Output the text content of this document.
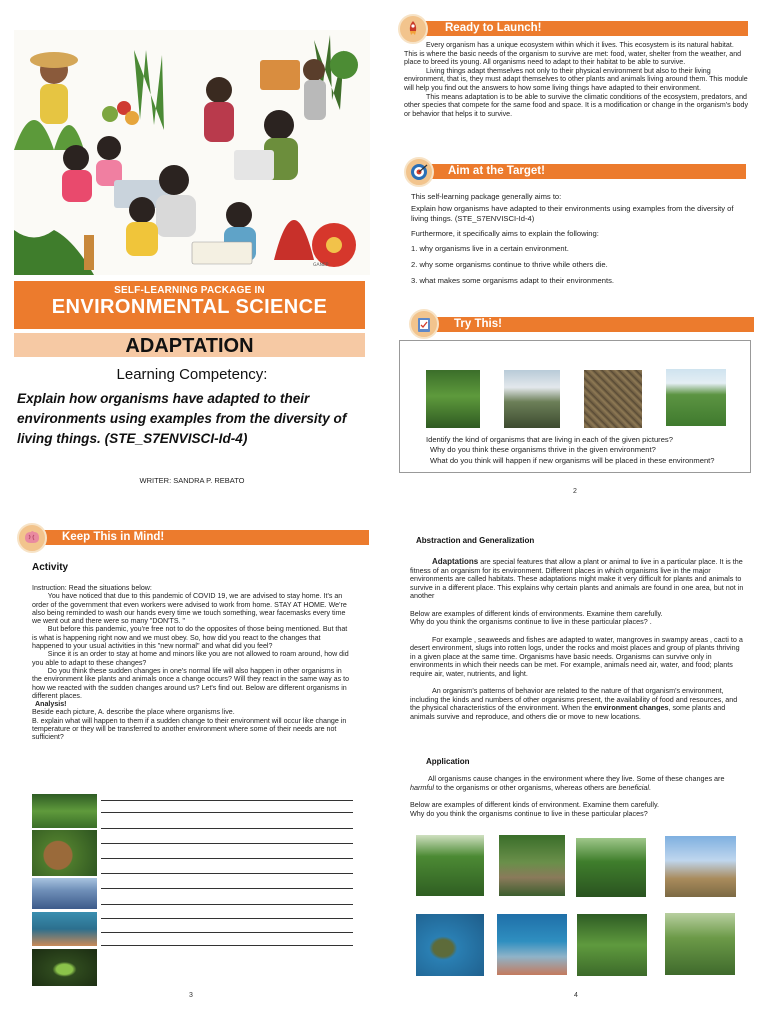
GANEP
SELF-LEARNING PACKAGE IN
ENVIRONMENTAL SCIENCE
ADAPTATION
Learning Competency:
Explain how organisms have adapted to their environments using examples from the diversity of living things. (STE_S7ENVISCI-Id-4)
WRITER: SANDRA P. REBATO
Ready to Launch!

Every organism has a unique ecosystem within which it lives. This ecosystem is its natural habitat. This is where the basic needs of the organism to survive are met: food, water, shelter from the weather, and place to breed its young. All organisms need to adapt to their habitat to be able to survive.

Living things adapt themselves not only to their physical environment but also to their living environment, that is, they must adapt themselves to other plants and animals living around them. This module will help you find out the answers to how some living things have adapted to their environment.

This means adaptation is to be able to survive the climatic conditions of the ecosystem, predators, and other species that compete for the same food and space. It is a modification or change in the organism's body or behavior that helps it to survive.

Aim at the Target!

This self-learning package generally aims to:

Explain how organisms have adapted to their environments using examples from the diversity of living things. (STE_S7ENVISCI-Id-4)

Furthermore, it specifically aims to explain the following:

1. why organisms live in a certain environment.

2. why some organisms continue to thrive while others die.

3. what makes some organisms adapt to their environments.

Try This!

Identify the kind of organisms that are living in each of the given pictures?

Why do you think these organisms thrive in the given environment?

What do you think will happen if new organisms will be placed in these environment?

2
Keep This in Mind!
Activity

Instruction: Read the situations below:

You have noticed that due to this pandemic of COVID 19, we are advised to stay home. It's an order of the government that even workers were advised to work from home. STAY AT HOME. We're also being reminded to wash our hands every time we touch something, wear facemasks every time we went out and there were so many "DON'TS. "

But before this pandemic, you're free not to do the opposites of those being mentioned. But that is what is happening right now and we must obey. So, how did you react to the changes that happened to your usual activities in this "new normal" and what did you feel?

Since it is an order to stay at home and minors like you are not allowed to roam around, how did you able to adapt to these changes?

Do you think these sudden changes in one's normal life will also happen in other organisms in the environment like plants and animals once a change occurs? Will they react in the same way as to how we reacted with the sudden changes around us? Let's find out. Below are different organisms in different places.

Analysis!

Beside each picture, A. describe the place where organisms live.

B. explain what will happen to them if a sudden change to their environment will occur like change in temperature or they will be transferred to another environment where some of their needs are not sufficient?

3
Abstraction and Generalization

Adaptations are special features that allow a plant or animal to live in a particular place. It is the fitness of an organism for its environment. Different places in which organisms live in the major environments are called habitats. These adaptations might make it very difficult for plants and animals to survive in a different place. This explains why certain plants and animals are found in one area, but not in another

Below are examples of different kinds of environments. Examine them carefully.

Why do you think the organisms continue to live in these particular places? .

For example , seaweeds and fishes are adapted to water, mangroves in swampy areas , cacti to a desert environment, slugs into rotten logs, under the rocks and moist places and group of plants thriving in a given place at the same time. Organisms have basic needs. Organisms can survive only in environments in which their needs can be met. For example, animals need air, water, and food; plants require air, water, nutrients, and light.

An organism's patterns of behavior are related to the nature of that organism's environment, including the kinds and numbers of other organisms present, the availability of food and resources, and the physical characteristics of the environment. When the environment changes, some plants and animals survive and reproduce, and others die or move to new locations.

Application

All organisms cause changes in the environment where they live. Some of these changes are harmful to the organisms or other organisms, whereas others are beneficial.

Below are examples of different kinds of environment. Examine them carefully.

Why do you think the organisms continue to live in these particular places?

4
